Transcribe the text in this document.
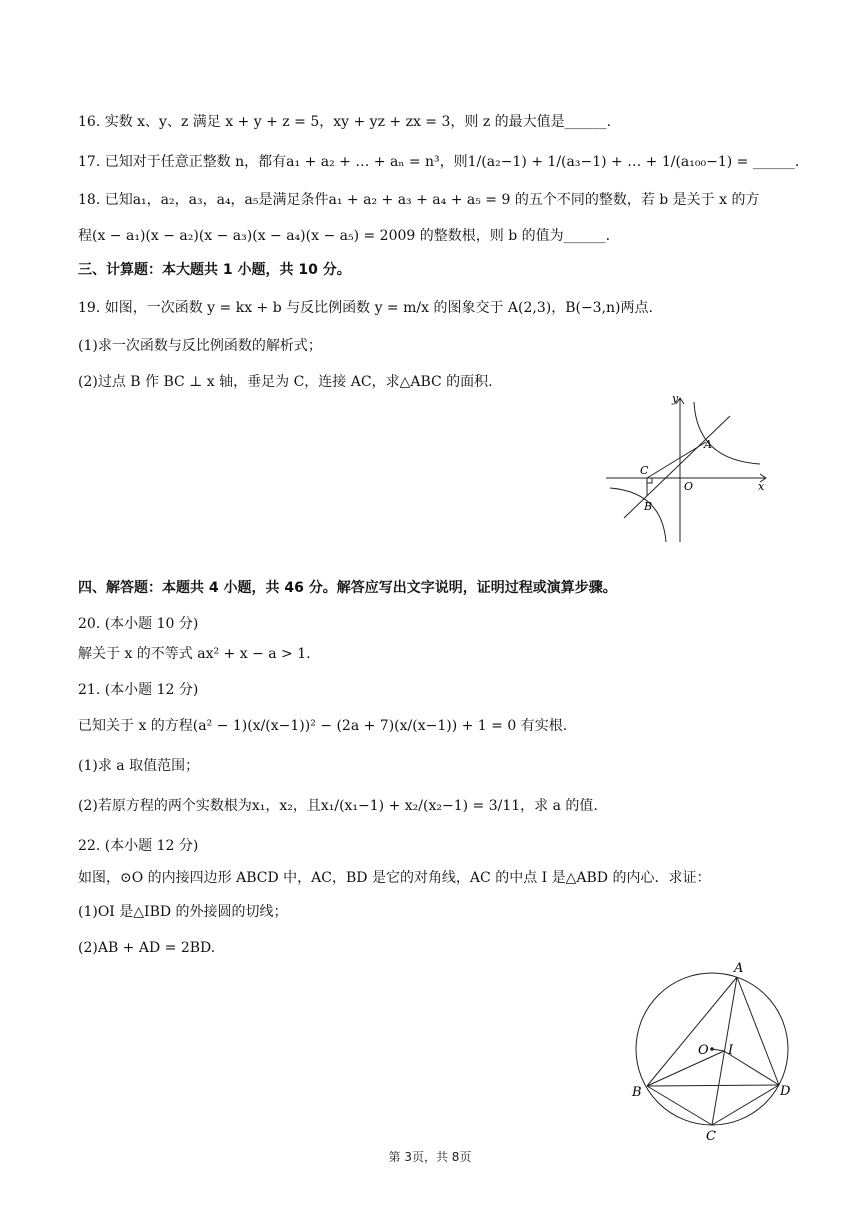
16. 实数 x、y、z 满足 x + y + z = 5，xy + yz + zx = 3，则 z 的最大值是______.
17. 已知对于任意正整数 n，都有a₁ + a₂ + … + aₙ = n³，则1/(a₂−1) + 1/(a₃−1) + … + 1/(a₁₀₀−1) = ______.
18. 已知a₁，a₂，a₃，a₄，a₅是满足条件a₁ + a₂ + a₃ + a₄ + a₅ = 9 的五个不同的整数，若 b 是关于 x 的方
程(x − a₁)(x − a₂)(x − a₃)(x − a₄)(x − a₅) = 2009 的整数根，则 b 的值为______.
三、计算题：本大题共 1 小题，共 10 分。
19. 如图，一次函数 y = kx + b 与反比例函数 y = m/x 的图象交于 A(2,3)，B(−3,n)两点.
(1)求一次函数与反比例函数的解析式；
(2)过点 B 作 BC ⊥ x 轴，垂足为 C，连接 AC，求△ABC 的面积.
y
x
A
C
O
B
四、解答题：本题共 4 小题，共 46 分。解答应写出文字说明，证明过程或演算步骤。
20. (本小题 10 分)
解关于 x 的不等式 ax² + x − a > 1.
21. (本小题 12 分)
已知关于 x 的方程(a² − 1)(x/(x−1))² − (2a + 7)(x/(x−1)) + 1 = 0 有实根.
(1)求 a 取值范围；
(2)若原方程的两个实数根为x₁，x₂，且x₁/(x₁−1) + x₂/(x₂−1) = 3/11，求 a 的值.
22. (本小题 12 分)
如图，⊙O 的内接四边形 ABCD 中，AC，BD 是它的对角线，AC 的中点 I 是△ABD 的内心．求证：
(1)OI 是△IBD 的外接圆的切线；
(2)AB + AD = 2BD.
A
O I
B	D
C
第 3页，共 8页
